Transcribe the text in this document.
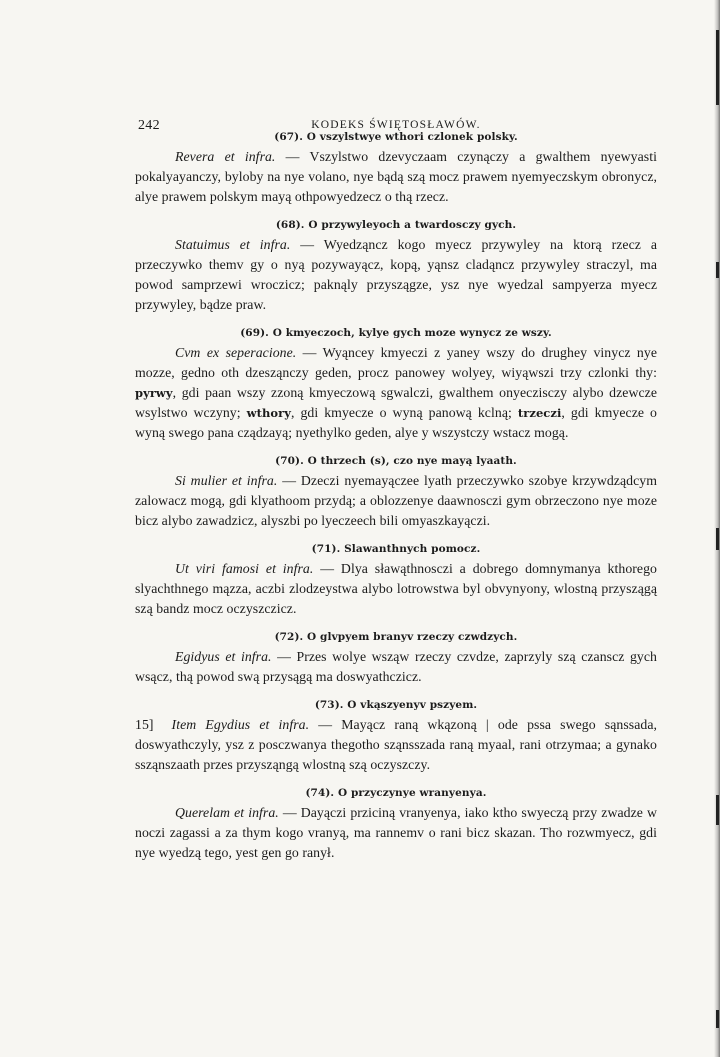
242	KODEKS ŚWIĘTOSŁAWÓW.
(67). O vszylstwye wthori czlonek polsky.

Revera et infra. — Vszylstwo dzevyczaam czynączy a gwalthem nyewyasti pokalyayanczy, byloby na nye volano, nye bądą szą mocz prawem nyemyeczskym obronycz, alye prawem polskym mayą othpowyedzecz o thą rzecz.

(68). O przywyleyoch a twardosczy gych.

Statuimus et infra. — Wyedząncz kogo myecz przywyley na ktorą rzecz a przeczywko themv gy o nyą pozywayącz, kopą, yąnsz cladąncz przywyley straczyl, ma powod samprzewi wroczicz; paknąly przyszągze, ysz nye wyedzal sampyerza myecz przywyley, bądze praw.

(69). O kmyeczoch, kylye gych moze wynycz ze wszy.

Cvm ex seperacione. — Wyąncey kmyeczi z yaney wszy do drughey vinycz nye mozze, gedno oth dzesząnczy geden, procz panowey wolyey, wiyąwszi trzy czlonki thy: pyrwy, gdi paan wszy zzoną kmyeczową sgwalczi, gwalthem onyeczisczy alybo dzewcze wsylstwo wczyny; wthory, gdi kmyecze o wyną panową kclną; trzeczi, gdi kmyecze o wyną swego pana cządzayą; nyethylko geden, alye y wszystczy wstacz mogą.

(70). O thrzech (s), czo nye mayą lyaath.

Si mulier et infra. — Dzeczi nyemayączee lyath przeczywko szobye krzywdządcym zalowacz mogą, gdi klyathoom przydą; a oblozzenye daawnosczi gym obrzeczono nye moze bicz alybo zawadzicz, alyszbi po lyeczeech bili omyaszkayączi.

(71). Slawanthnych pomocz.

Ut viri famosi et infra. — Dlya sławąthnosczi a dobrego domnymanya kthorego slyachthnego mązza, aczbi zlodzeystwa alybo lotrowstwa byl obvynyony, wlostną przyszągą szą bandz mocz oczyszczicz.

(72). O glvpyem branyv rzeczy czwdzych.

Egidyus et infra. — Przes wolye wsząw rzeczy czvdze, zaprzyly szą czanscz gych wsącz, thą powod swą przysągą ma doswyathczicz.

(73). O vkąszyenyv pszyem.

15] Item Egydius et infra. — Mayącz raną wkązoną | ode pssa swego sąnssada, doswyathczyly, ysz z posczwanya thegotho sząnsszada raną myaal, rani otrzymaa; a gynako ssząnszaath przes przysząngą wlostną szą oczyszczy.

(74). O przyczynye wranyenya.

Querelam et infra. — Dayączi prziciną vranyenya, iako ktho swyeczą przy zwadze w noczi zagassi a za thym kogo vranyą, ma rannemv o rani bicz skazan. Tho rozwmyecz, gdi nye wyedzą tego, yest gen go ranył.
